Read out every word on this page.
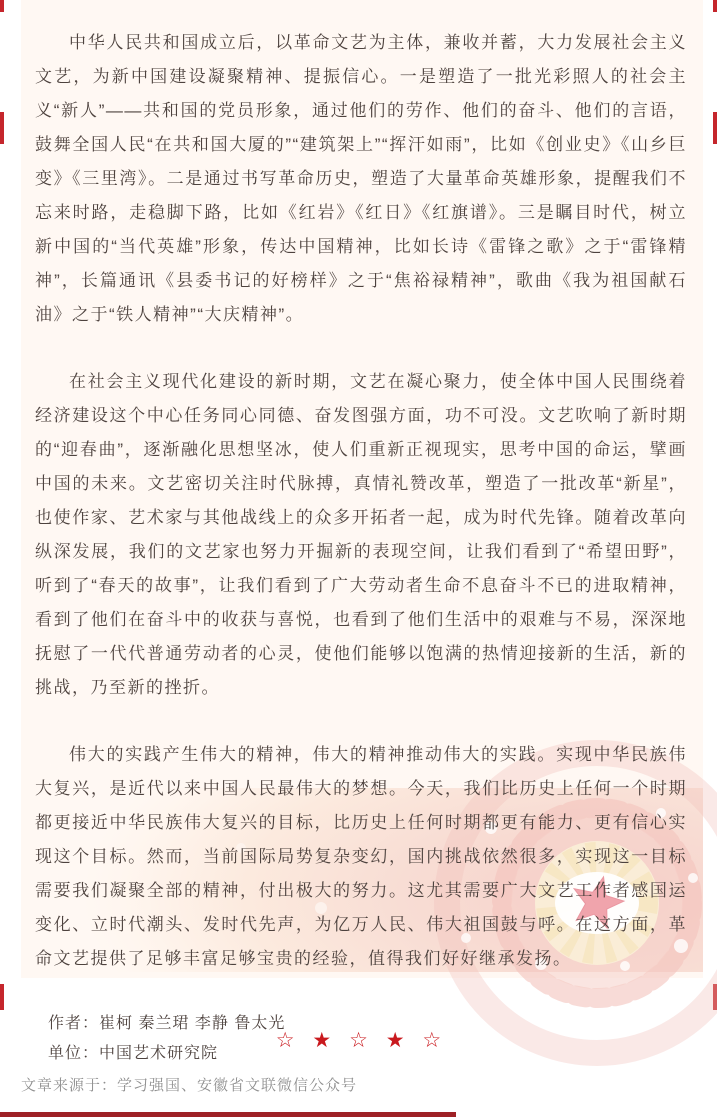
中华人民共和国成立后，以革命文艺为主体，兼收并蓄，大力发展社会主义文艺，为新中国建设凝聚精神、提振信心。一是塑造了一批光彩照人的社会主义“新人”——共和国的党员形象，通过他们的劳作、他们的奋斗、他们的言语，鼓舞全国人民“在共和国大厦的”“建筑架上”“挥汗如雨”，比如《创业史》《山乡巨变》《三里湾》。二是通过书写革命历史，塑造了大量革命英雄形象，提醒我们不忘来时路，走稳脚下路，比如《红岩》《红日》《红旗谱》。三是瞩目时代，树立新中国的“当代英雄”形象，传达中国精神，比如长诗《雷锋之歌》之于“雷锋精神”，长篇通讯《县委书记的好榜样》之于“焦裕禄精神”，歌曲《我为祖国献石油》之于“铁人精神”“大庆精神”。

在社会主义现代化建设的新时期，文艺在凝心聚力，使全体中国人民围绕着经济建设这个中心任务同心同德、奋发图强方面，功不可没。文艺吹响了新时期的“迎春曲”，逐渐融化思想坚冰，使人们重新正视现实，思考中国的命运，擘画中国的未来。文艺密切关注时代脉搏，真情礼赞改革，塑造了一批改革“新星”，也使作家、艺术家与其他战线上的众多开拓者一起，成为时代先锋。随着改革向纵深发展，我们的文艺家也努力开掘新的表现空间，让我们看到了“希望田野”，听到了“春天的故事”，让我们看到了广大劳动者生命不息奋斗不已的进取精神，看到了他们在奋斗中的收获与喜悦，也看到了他们生活中的艰难与不易，深深地抚慰了一代代普通劳动者的心灵，使他们能够以饱满的热情迎接新的生活，新的挑战，乃至新的挫折。

伟大的实践产生伟大的精神，伟大的精神推动伟大的实践。实现中华民族伟大复兴，是近代以来中国人民最伟大的梦想。今天，我们比历史上任何一个时期都更接近中华民族伟大复兴的目标，比历史上任何时期都更有能力、更有信心实现这个目标。然而，当前国际局势复杂变幻，国内挑战依然很多，实现这一目标需要我们凝聚全部的精神，付出极大的努力。这尤其需要广大文艺工作者感国运变化、立时代潮头、发时代先声，为亿万人民、伟大祖国鼓与呼。在这方面，革命文艺提供了足够丰富足够宝贵的经验，值得我们好好继承发扬。

作者：崔柯 秦兰珺 李静 鲁太光
单位：中国艺术研究院
☆ ★ ☆ ★ ☆
文章来源于：学习强国、安徽省文联微信公众号
